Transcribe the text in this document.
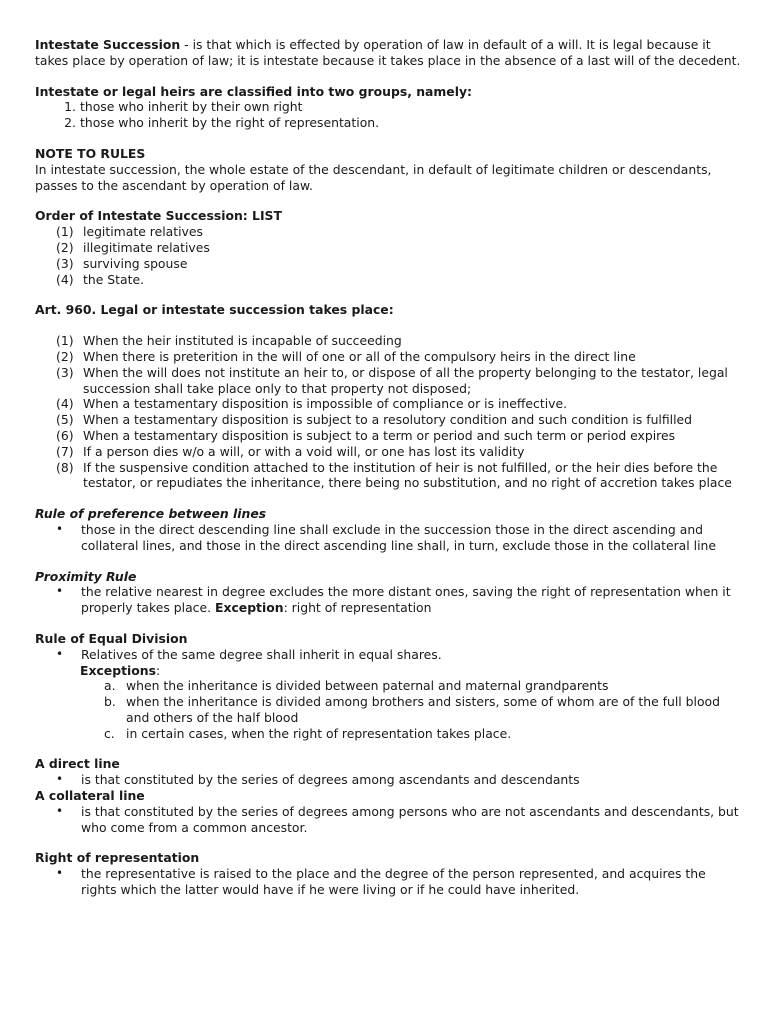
Intestate Succession - is that which is effected by operation of law in default of a will. It is legal because it takes place by operation of law; it is intestate because it takes place in the absence of a last will of the decedent.

Intestate or legal heirs are classified into two groups, namely:

1. those who inherit by their own right
2. those who inherit by the right of representation.

NOTE TO RULES

In intestate succession, the whole estate of the descendant, in default of legitimate children or descendants, passes to the ascendant by operation of law.

Order of Intestate Succession: LIST

(1) legitimate relatives
(2) illegitimate relatives
(3) surviving spouse
(4) the State.

Art. 960. Legal or intestate succession takes place:

(1) When the heir instituted is incapable of succeeding
(2) When there is preterition in the will of one or all of the compulsory heirs in the direct line
(3) When the will does not institute an heir to, or dispose of all the property belonging to the testator, legal succession shall take place only to that property not disposed;
(4) When a testamentary disposition is impossible of compliance or is ineffective.
(5) When a testamentary disposition is subject to a resolutory condition and such condition is fulfilled
(6) When a testamentary disposition is subject to a term or period and such term or period expires
(7) If a person dies w/o a will, or with a void will, or one has lost its validity
(8) If the suspensive condition attached to the institution of heir is not fulfilled, or the heir dies before the testator, or repudiates the inheritance, there being no substitution, and no right of accretion takes place

Rule of preference between lines

•	those in the direct descending line shall exclude in the succession those in the direct ascending and collateral lines, and those in the direct ascending line shall, in turn, exclude those in the collateral line

Proximity Rule

•	the relative nearest in degree excludes the more distant ones, saving the right of representation when it properly takes place. Exception: right of representation

Rule of Equal Division

•	Relatives of the same degree shall inherit in equal shares.

Exceptions:

a. when the inheritance is divided between paternal and maternal grandparents
b. when the inheritance is divided among brothers and sisters, some of whom are of the full blood and others of the half blood
c. in certain cases, when the right of representation takes place.

A direct line

•	is that constituted by the series of degrees among ascendants and descendants

A collateral line

•	is that constituted by the series of degrees among persons who are not ascendants and descendants, but who come from a common ancestor.

Right of representation

•	the representative is raised to the place and the degree of the person represented, and acquires the rights which the latter would have if he were living or if he could have inherited.
